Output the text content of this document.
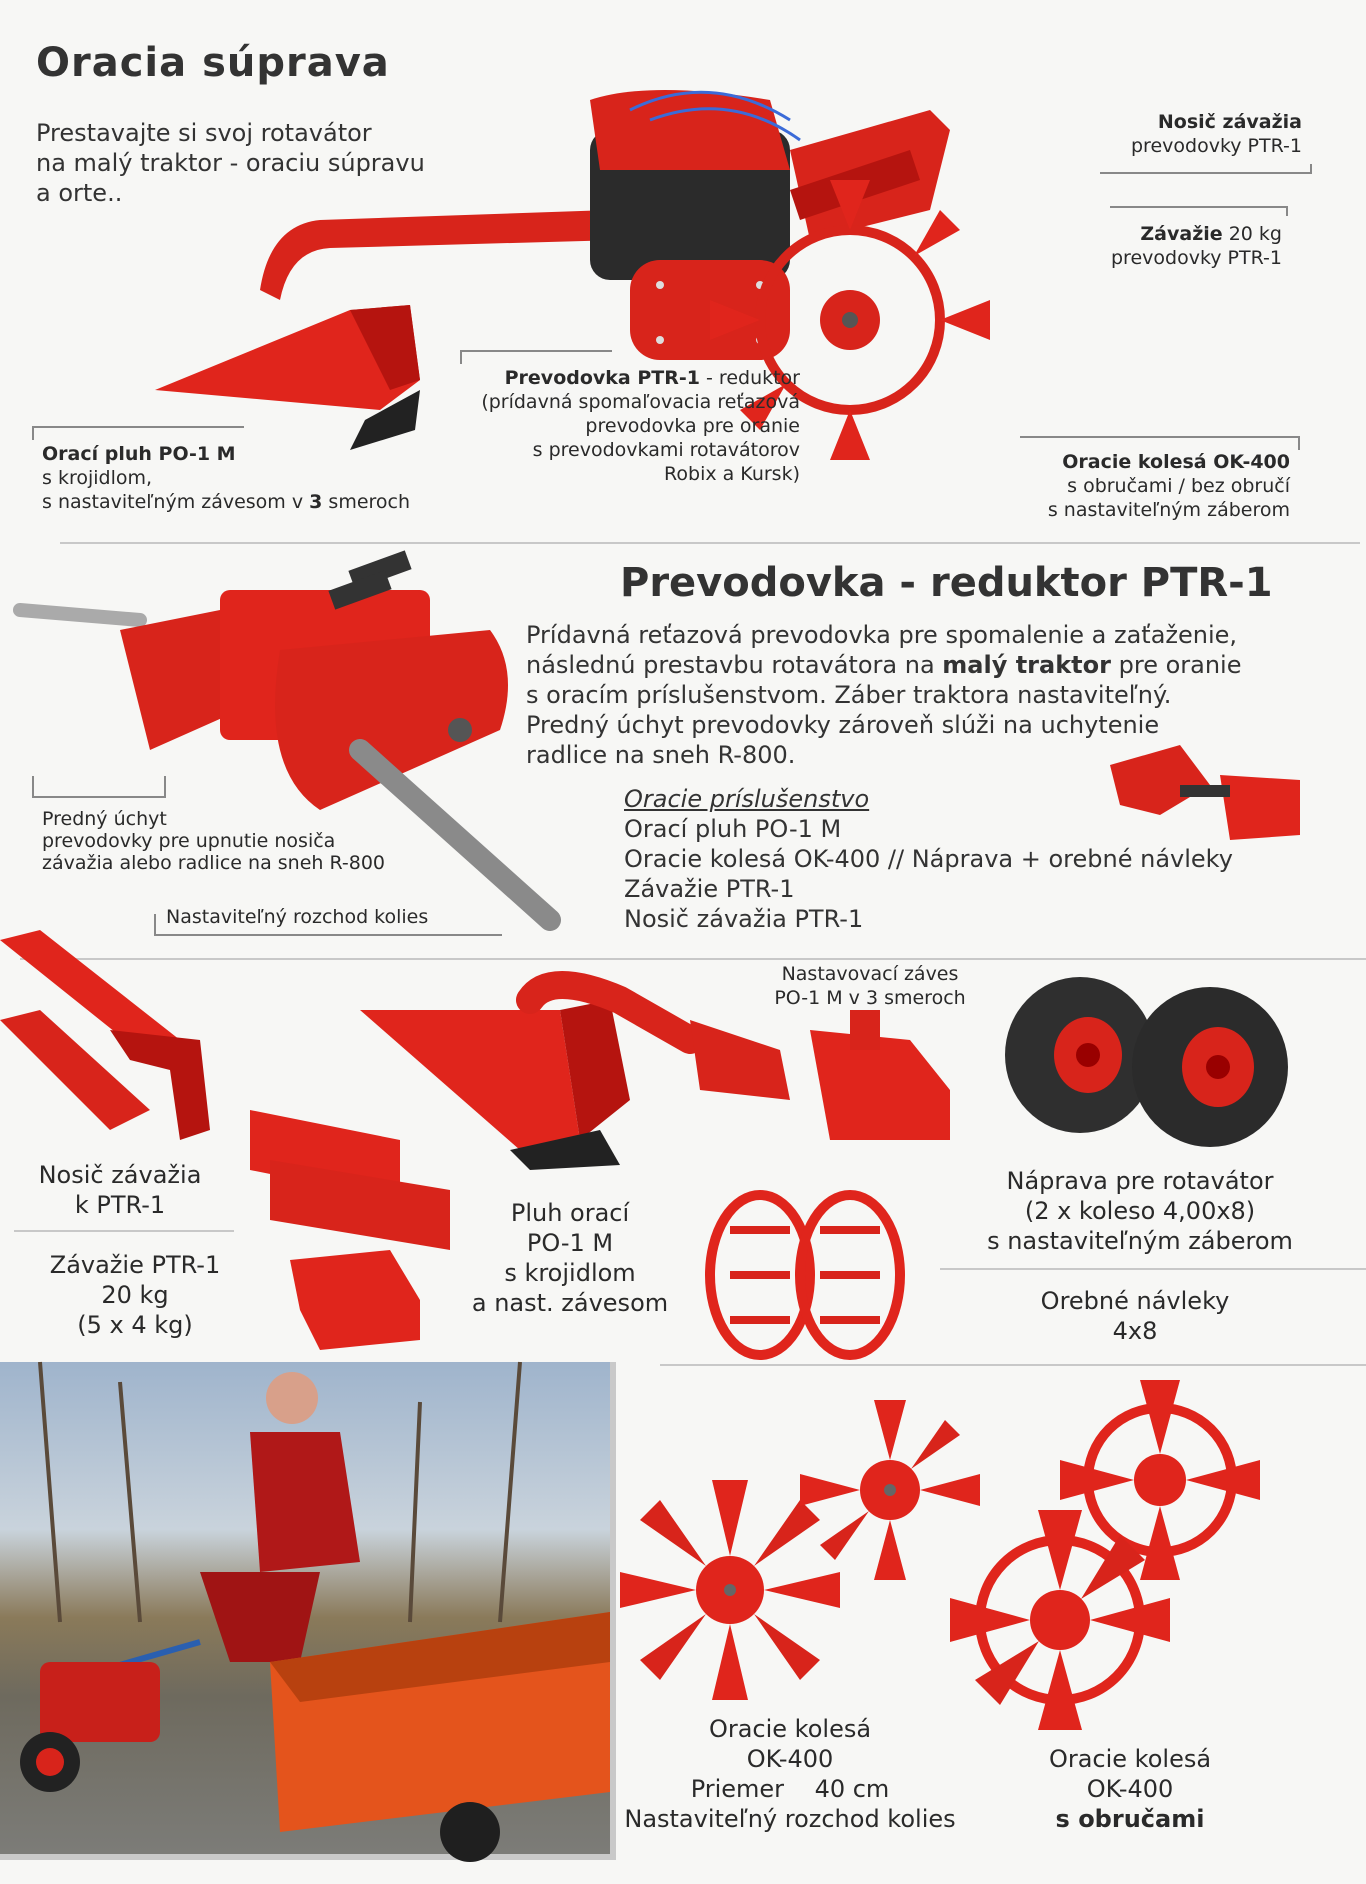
Oracia súprava
Prestavajte si svoj rotavátor
na malý traktor - oraciu súpravu
a orte..
Nosič závažia
prevodovky PTR-1
Závažie 20 kg
prevodovky PTR-1
Prevodovka PTR-1 - reduktor
(prídavná spomaľovacia reťazová
prevodovka pre oranie
s prevodovkami rotavátorov
Robix a Kursk)
Orací pluh PO-1 M
s krojidlom,
s nastaviteľným závesom v 3 smeroch
Oracie kolesá OK-400
s obručami / bez obručí
s nastaviteľným záberom
Prevodovka - reduktor PTR-1
Prídavná reťazová prevodovka pre spomalenie a zaťaženie,
následnú prestavbu rotavátora na malý traktor pre oranie
s oracím príslušenstvom. Záber traktora nastaviteľný.
Predný úchyt prevodovky zároveň slúži na uchytenie
radlice na sneh R-800.
Oracie príslušenstvo
Orací pluh PO-1 M
Oracie kolesá OK-400 // Náprava + orebné návleky
Závažie PTR-1
Nosič závažia PTR-1
Predný úchyt
prevodovky pre upnutie nosiča
závažia alebo radlice na sneh R-800
Nastaviteľný rozchod kolies
Nastavovací záves
PO-1 M v 3 smeroch
Nosič závažia
k PTR-1
Závažie PTR-1
20 kg
(5 x 4 kg)
Pluh orací
PO-1 M
s krojidlom
a nast. závesom
Náprava pre rotavátor
(2 x koleso 4,00x8)
s nastaviteľným záberom
Orebné návleky
4x8
Oracie kolesá
OK-400
Priemer    40 cm
Nastaviteľný rozchod kolies
Oracie kolesá
OK-400
s obručami
